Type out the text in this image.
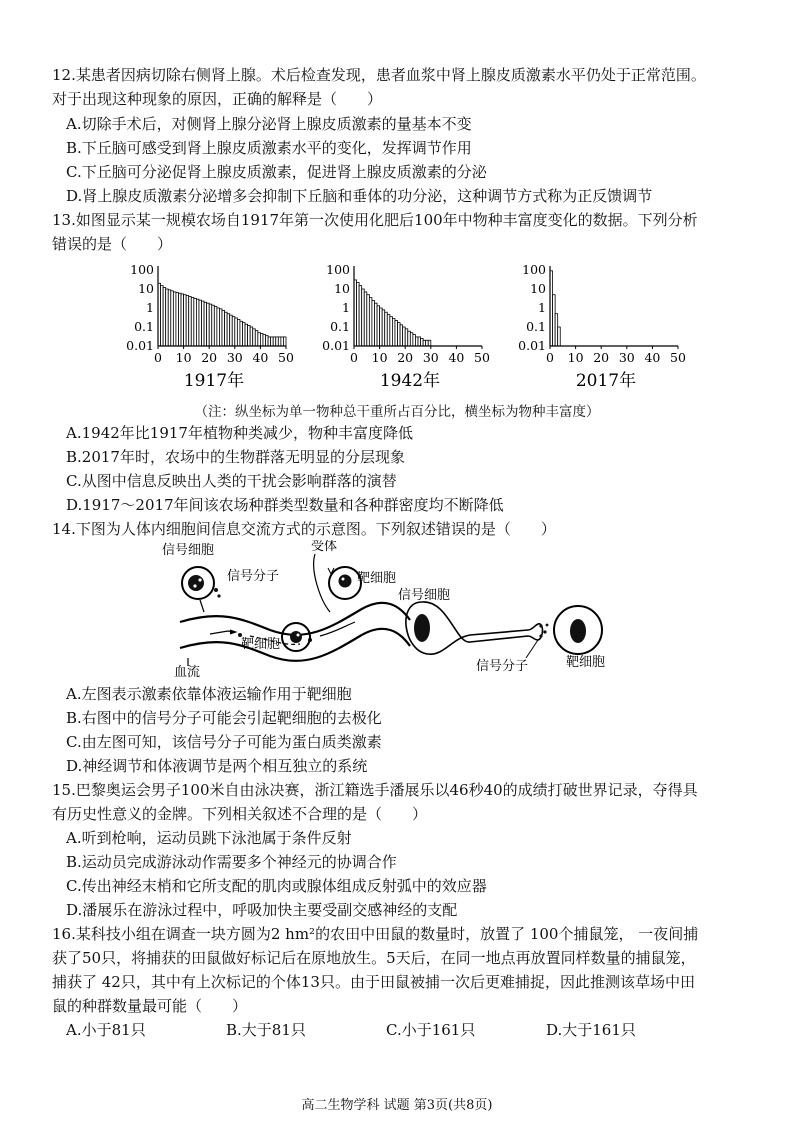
12.某患者因病切除右侧肾上腺。术后检查发现，患者血浆中肾上腺皮质激素水平仍处于正常范围。
对于出现这种现象的原因，正确的解释是（　　）
A.切除手术后，对侧肾上腺分泌肾上腺皮质激素的量基本不变
B.下丘脑可感受到肾上腺皮质激素水平的变化，发挥调节作用
C.下丘脑可分泌促肾上腺皮质激素，促进肾上腺皮质激素的分泌
D.肾上腺皮质激素分泌增多会抑制下丘脑和垂体的功分泌，这种调节方式称为正反馈调节
13.如图显示某一规模农场自1917年第一次使用化肥后100年中物种丰富度变化的数据。下列分析
错误的是（　　）
100
10
1
0.1
0.01
0 10 20 30 40 50
1917年
100
10
1
0.1
0.01
0 10 20 30 40 50
1942年
100
10
1
0.1
0.01
0 10 20 30 40 50
2017年
（注：纵坐标为单一物种总干重所占百分比，横坐标为物种丰富度）
A.1942年比1917年植物种类减少，物种丰富度降低
B.2017年时，农场中的生物群落无明显的分层现象
C.从图中信息反映出人类的干扰会影响群落的演替
D.1917～2017年间该农场种群类型数量和各种群密度均不断降低
14.下图为人体内细胞间信息交流方式的示意图。下列叙述错误的是（　　）
信号细胞
信号分子
受体
靶细胞
靶细胞
血流
信号细胞
信号分子	靶细胞
A.左图表示激素依靠体液运输作用于靶细胞
B.右图中的信号分子可能会引起靶细胞的去极化
C.由左图可知，该信号分子可能为蛋白质类激素
D.神经调节和体液调节是两个相互独立的系统
15.巴黎奥运会男子100米自由泳决赛，浙江籍选手潘展乐以46秒40的成绩打破世界记录，夺得具
有历史性意义的金牌。下列相关叙述不合理的是（　　）
A.听到枪响，运动员跳下泳池属于条件反射
B.运动员完成游泳动作需要多个神经元的协调合作
C.传出神经末梢和它所支配的肌肉或腺体组成反射弧中的效应器
D.潘展乐在游泳过程中，呼吸加快主要受副交感神经的支配
16.某科技小组在调查一块方圆为2 hm²的农田中田鼠的数量时，放置了 100个捕鼠笼， 一夜间捕
获了50只，将捕获的田鼠做好标记后在原地放生。5天后，在同一地点再放置同样数量的捕鼠笼，
捕获了 42只，其中有上次标记的个体13只。由于田鼠被捕一次后更难捕捉，因此推测该草场中田
鼠的种群数量最可能（　　）
A.小于81只	B.大于81只	C.小于161只	D.大于161只
高二生物学科 试题 第3页(共8页)
